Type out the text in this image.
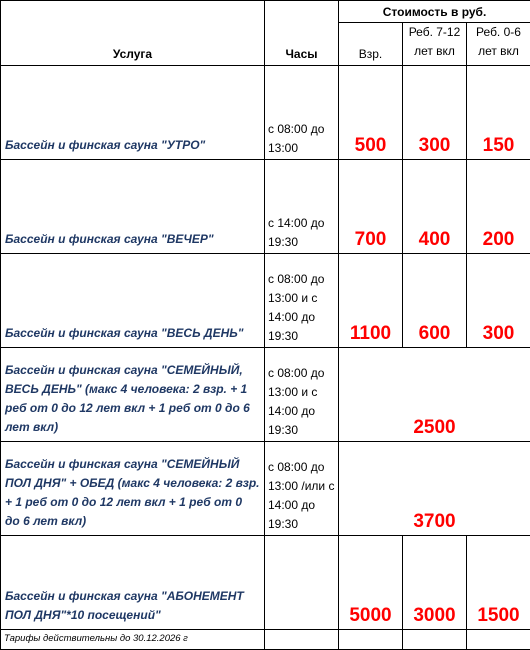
Услуга	Часы	Стоимость в руб.		
		Взр.	Реб. 7-12 лет вкл	Реб. 0-6 лет вкл
Бассейн и финская сауна "УТРО"	с 08:00 до 13:00	500	300	150
Бассейн и финская сауна "ВЕЧЕР"	с 14:00 до 19:30	700	400	200
Бассейн и финская сауна "ВЕСЬ ДЕНЬ"	с 08:00 до 13:00 и с 14:00 до 19:30	1100	600	300
Бассейн и финская сауна "СЕМЕЙНЫЙ, ВЕСЬ ДЕНЬ" (макс 4 человека: 2 взр. + 1 реб от 0 до 12 лет вкл + 1 реб от 0 до 6 лет вкл)	с 08:00 до 13:00 и с 14:00 до 19:30	2500		
Бассейн и финская сауна "СЕМЕЙНЫЙ ПОЛ ДНЯ" + ОБЕД (макс 4 человека: 2 взр. + 1 реб от 0 до 12 лет вкл + 1 реб от 0 до 6 лет вкл)	с 08:00 до 13:00 /или с 14:00 до 19:30	3700		
Бассейн и финская сауна "АБОНЕМЕНТ ПОЛ ДНЯ"*10 посещений"		5000	3000	1500
Тарифы действительны до 30.12.2026 г				
